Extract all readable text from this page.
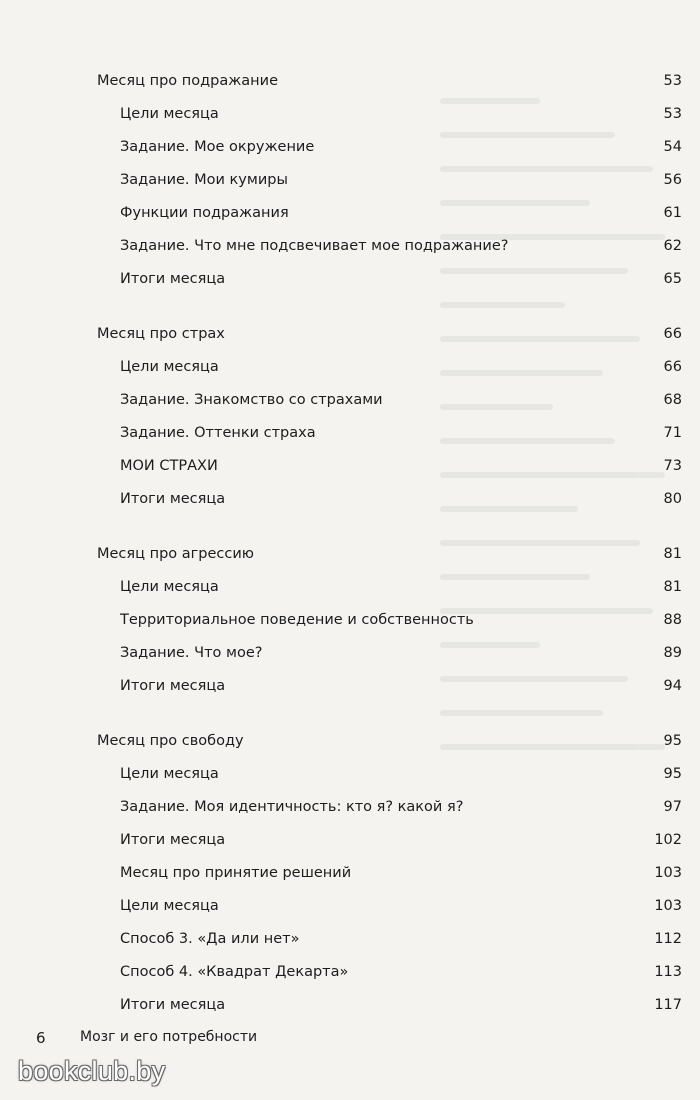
Месяц про подражание	53
Цели месяца	53
Задание. Мое окружение	54
Задание. Мои кумиры	56
Функции подражания	61
Задание. Что мне подсвечивает мое подражание?	62
Итоги месяца	65
Месяц про страх	66
Цели месяца	66
Задание. Знакомство со страхами	68
Задание. Оттенки страха	71
МОИ СТРАХИ	73
Итоги месяца	80
Месяц про агрессию	81
Цели месяца	81
Территориальное поведение и собственность	88
Задание. Что мое?	89
Итоги месяца	94
Месяц про свободу	95
Цели месяца	95
Задание. Моя идентичность: кто я? какой я?	97
Итоги месяца	102
Месяц про принятие решений	103
Цели месяца	103
Способ 3. «Да или нет»	112
Способ 4. «Квадрат Декарта»	113
Итоги месяца	117
6 Мозг и его потребности
bookclub.by
